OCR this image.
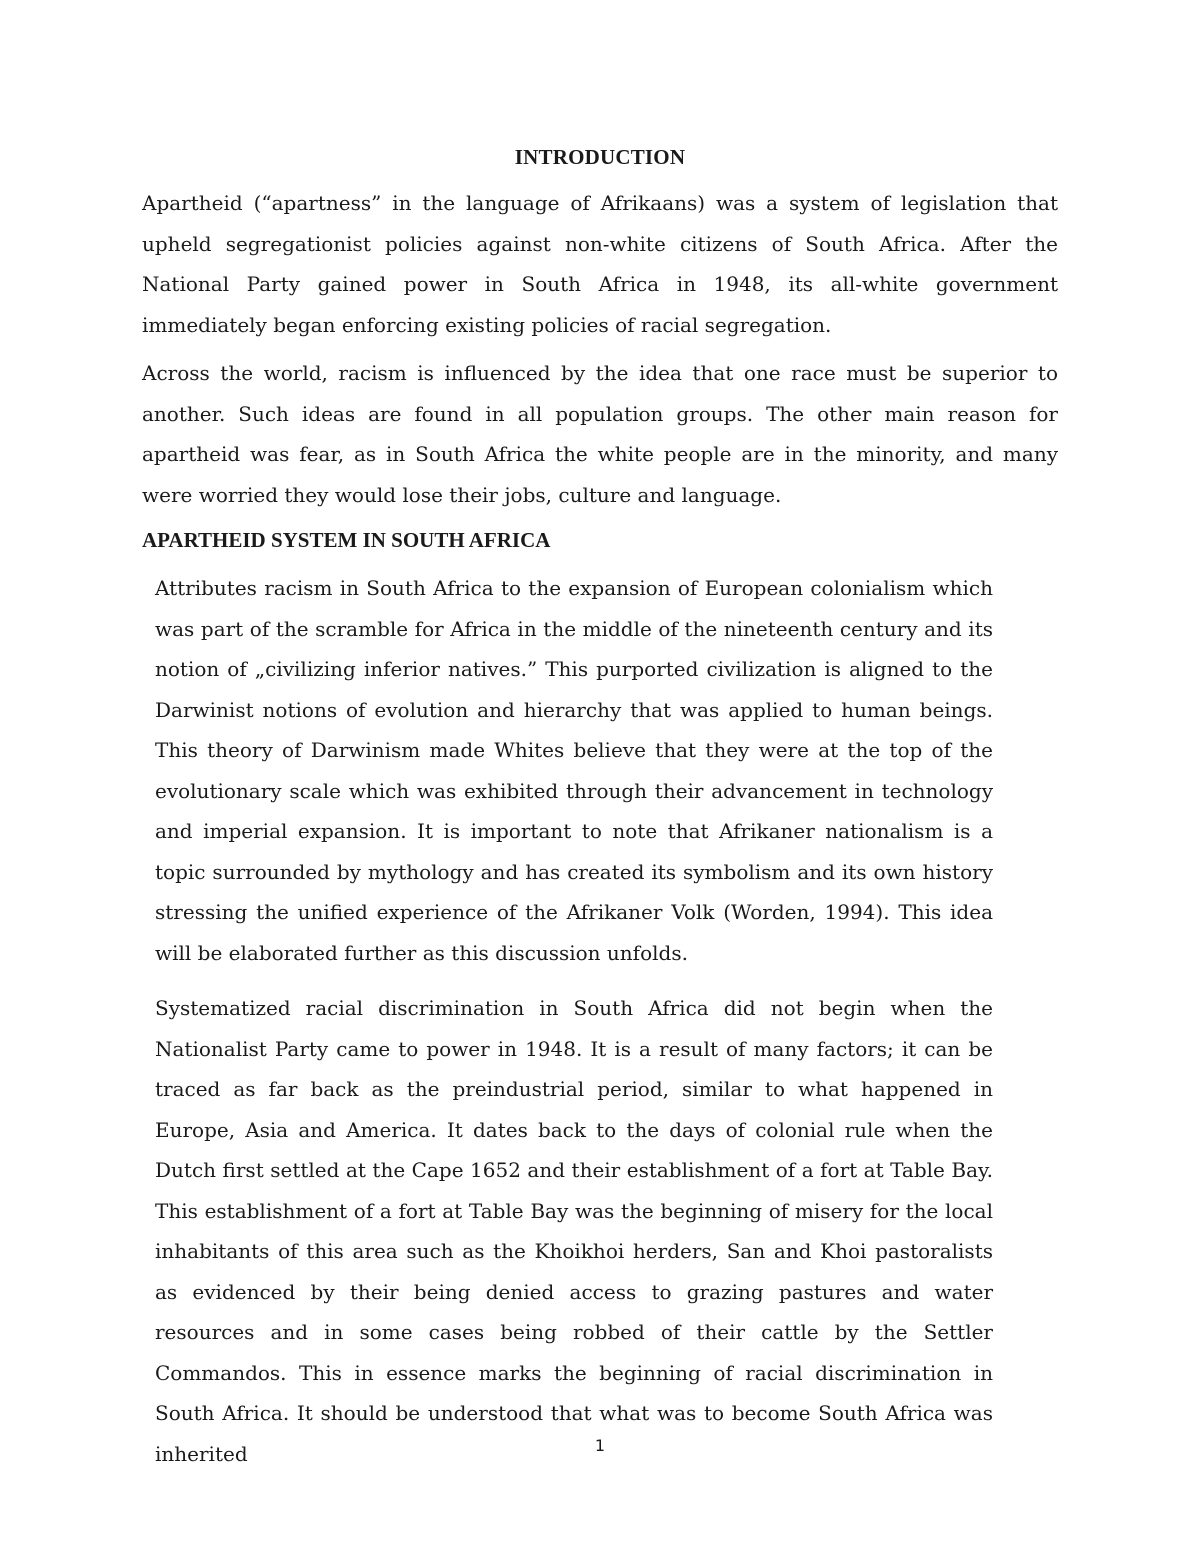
INTRODUCTION

Apartheid (“apartness” in the language of Afrikaans) was a system of legislation that upheld segregationist policies against non-white citizens of South Africa. After the National Party gained power in South Africa in 1948, its all-white government immediately began enforcing existing policies of racial segregation.

Across the world, racism is influenced by the idea that one race must be superior to another. Such ideas are found in all population groups. The other main reason for apartheid was fear, as in South Africa the white people are in the minority, and many were worried they would lose their jobs, culture and language.

APARTHEID SYSTEM IN SOUTH AFRICA

Attributes racism in South Africa to the expansion of European colonialism which was part of the scramble for Africa in the middle of the nineteenth century and its notion of „civilizing inferior natives.” This purported civilization is aligned to the Darwinist notions of evolution and hierarchy that was applied to human beings. This theory of Darwinism made Whites believe that they were at the top of the evolutionary scale which was exhibited through their advancement in technology and imperial expansion. It is important to note that Afrikaner nationalism is a topic surrounded by mythology and has created its symbolism and its own history stressing the unified experience of the Afrikaner Volk (Worden, 1994). This idea will be elaborated further as this discussion unfolds.

Systematized racial discrimination in South Africa did not begin when the Nationalist Party came to power in 1948. It is a result of many factors; it can be traced as far back as the preindustrial period, similar to what happened in Europe, Asia and America. It dates back to the days of colonial rule when the Dutch first settled at the Cape 1652 and their establishment of a fort at Table Bay. This establishment of a fort at Table Bay was the beginning of misery for the local inhabitants of this area such as the Khoikhoi herders, San and Khoi pastoralists as evidenced by their being denied access to grazing pastures and water resources and in some cases being robbed of their cattle by the Settler Commandos. This in essence marks the beginning of racial discrimination in South Africa. It should be understood that what was to become South Africa was inherited	1
